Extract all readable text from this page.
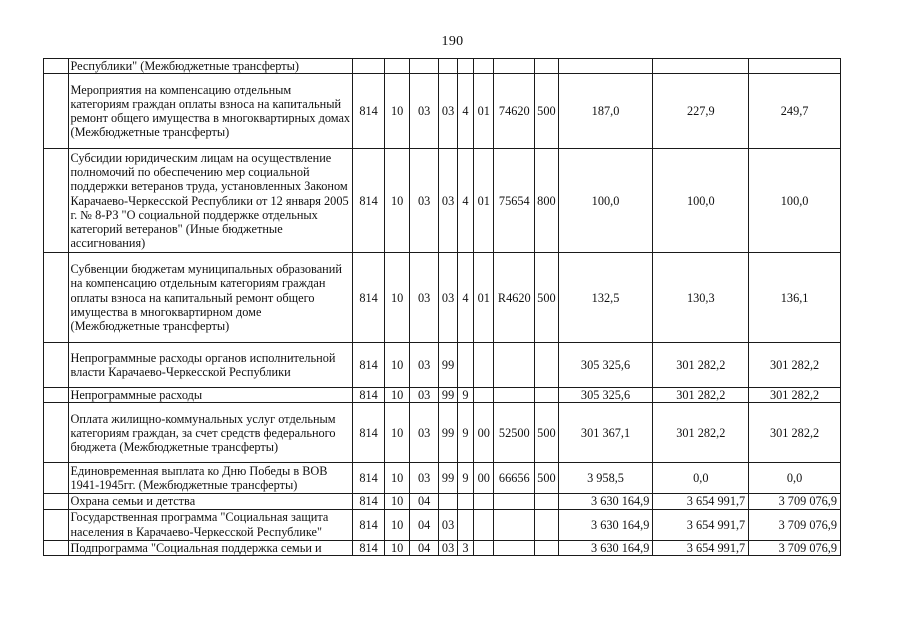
190
	Республики" (Межбюджетные трансферты)											
	Мероприятия на компенсацию отдельным категориям граждан оплаты взноса на капитальный ремонт общего имущества в многоквартирных домах (Межбюджетные трансферты)	814	10	03	03	4	01	74620	500	187,0	227,9	249,7
	Субсидии юридическим лицам на осуществление полномочий по обеспечению мер социальной поддержки ветеранов труда, установленных Законом Карачаево-Черкесской Республики от 12 января 2005 г. № 8-РЗ "О социальной поддержке отдельных категорий ветеранов" (Иные бюджетные ассигнования)	814	10	03	03	4	01	75654	800	100,0	100,0	100,0
	Субвенции бюджетам муниципальных образований на компенсацию отдельным категориям граждан оплаты взноса на капитальный ремонт общего имущества в многоквартирном доме (Межбюджетные трансферты)	814	10	03	03	4	01	R4620	500	132,5	130,3	136,1
	Непрограммные расходы органов исполнительной власти Карачаево-Черкесской Республики	814	10	03	99					305 325,6	301 282,2	301 282,2
	Непрограммные расходы	814	10	03	99	9				305 325,6	301 282,2	301 282,2
	Оплата жилищно-коммунальных услуг отдельным категориям граждан, за счет средств федерального бюджета (Межбюджетные трансферты)	814	10	03	99	9	00	52500	500	301 367,1	301 282,2	301 282,2
	Единовременная выплата ко Дню Победы в ВОВ 1941-1945гг. (Межбюджетные трансферты)	814	10	03	99	9	00	66656	500	3 958,5	0,0	0,0
	Охрана семьи и детства	814	10	04						3 630 164,9	3 654 991,7	3 709 076,9
	Государственная программа "Социальная защита населения в Карачаево-Черкесской Республике"	814	10	04	03					3 630 164,9	3 654 991,7	3 709 076,9
	Подпрограмма "Социальная поддержка семьи и	814	10	04	03	3				3 630 164,9	3 654 991,7	3 709 076,9
